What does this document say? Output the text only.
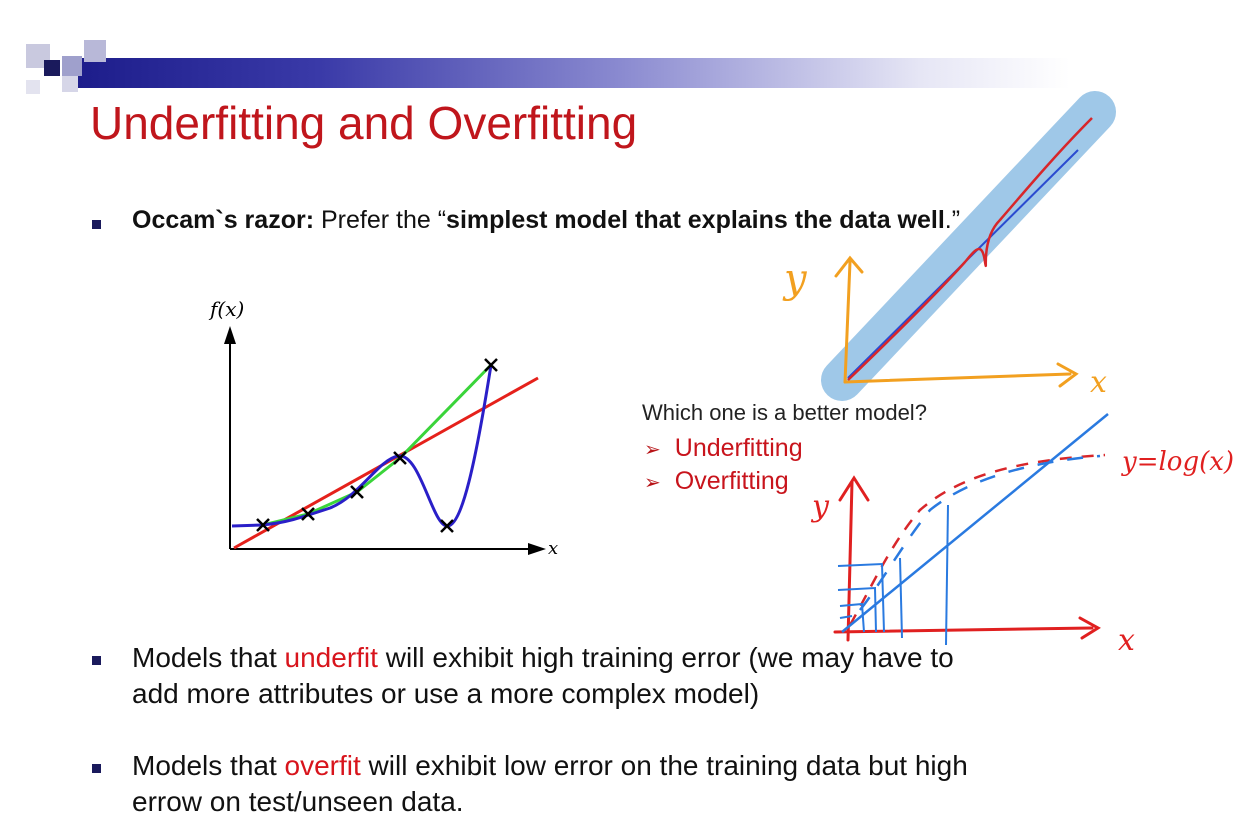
Underfitting and Overfitting
Occam`s razor: Prefer the “simplest model that explains the data well.”
f(x)
x
Which one is a better model?
➢ Underfitting
➢ Overfitting
y
x
y
x
y=log(x)
Models that underfit will exhibit high training error (we may have to
add more attributes or use a more complex model)
Models that overfit will exhibit low error on the training data but high
errow on test/unseen data.
